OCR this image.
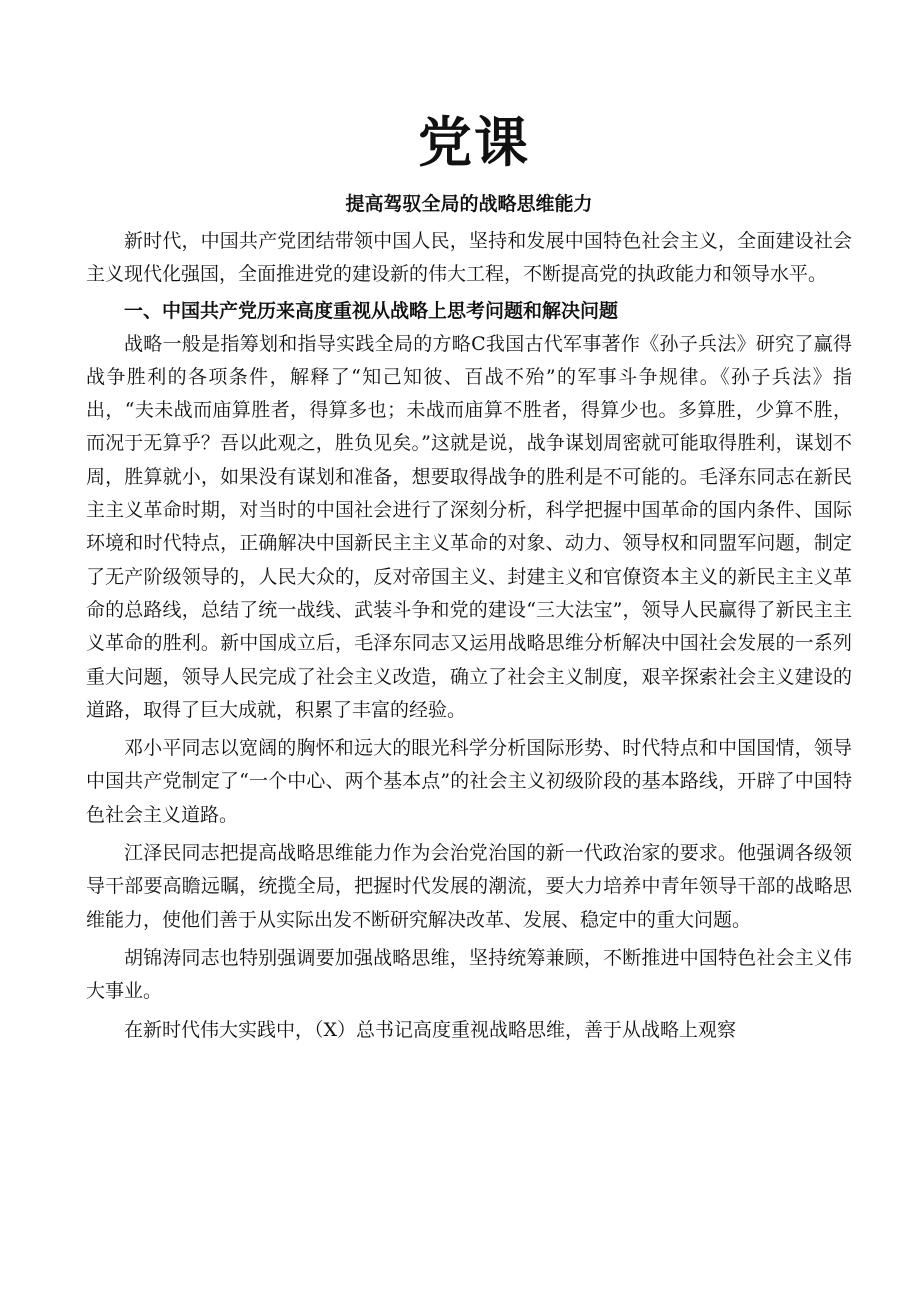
党课
提高驾驭全局的战略思维能力

新时代，中国共产党团结带领中国人民，坚持和发展中国特色社会主义，全面建设社会主义现代化强国，全面推进党的建设新的伟大工程，不断提高党的执政能力和领导水平。

一、中国共产党历来高度重视从战略上思考问题和解决问题

战略一般是指筹划和指导实践全局的方略C我国古代军事著作《孙子兵法》研究了赢得战争胜利的各项条件，解释了“知己知彼、百战不殆”的军事斗争规律。《孙子兵法》指出，“夫未战而庙算胜者，得算多也；未战而庙算不胜者，得算少也。多算胜，少算不胜，而况于无算乎？吾以此观之，胜负见矣。”这就是说，战争谋划周密就可能取得胜利，谋划不周，胜算就小，如果没有谋划和准备，想要取得战争的胜利是不可能的。毛泽东同志在新民主主义革命时期，对当时的中国社会进行了深刻分析，科学把握中国革命的国内条件、国际环境和时代特点，正确解决中国新民主主义革命的对象、动力、领导权和同盟军问题，制定了无产阶级领导的，人民大众的，反对帝国主义、封建主义和官僚资本主义的新民主主义革命的总路线，总结了统一战线、武装斗争和党的建设“三大法宝”，领导人民赢得了新民主主义革命的胜利。新中国成立后，毛泽东同志又运用战略思维分析解决中国社会发展的一系列重大问题，领导人民完成了社会主义改造，确立了社会主义制度，艰辛探索社会主义建设的道路，取得了巨大成就，积累了丰富的经验。

邓小平同志以宽阔的胸怀和远大的眼光科学分析国际形势、时代特点和中国国情，领导中国共产党制定了“一个中心、两个基本点”的社会主义初级阶段的基本路线，开辟了中国特色社会主义道路。

江泽民同志把提高战略思维能力作为会治党治国的新一代政治家的要求。他强调各级领导干部要高瞻远瞩，统揽全局，把握时代发展的潮流，要大力培养中青年领导干部的战略思维能力，使他们善于从实际出发不断研究解决改革、发展、稳定中的重大问题。

胡锦涛同志也特别强调要加强战略思维，坚持统筹兼顾，不断推进中国特色社会主义伟大事业。

在新时代伟大实践中，（X）总书记高度重视战略思维，善于从战略上观察
